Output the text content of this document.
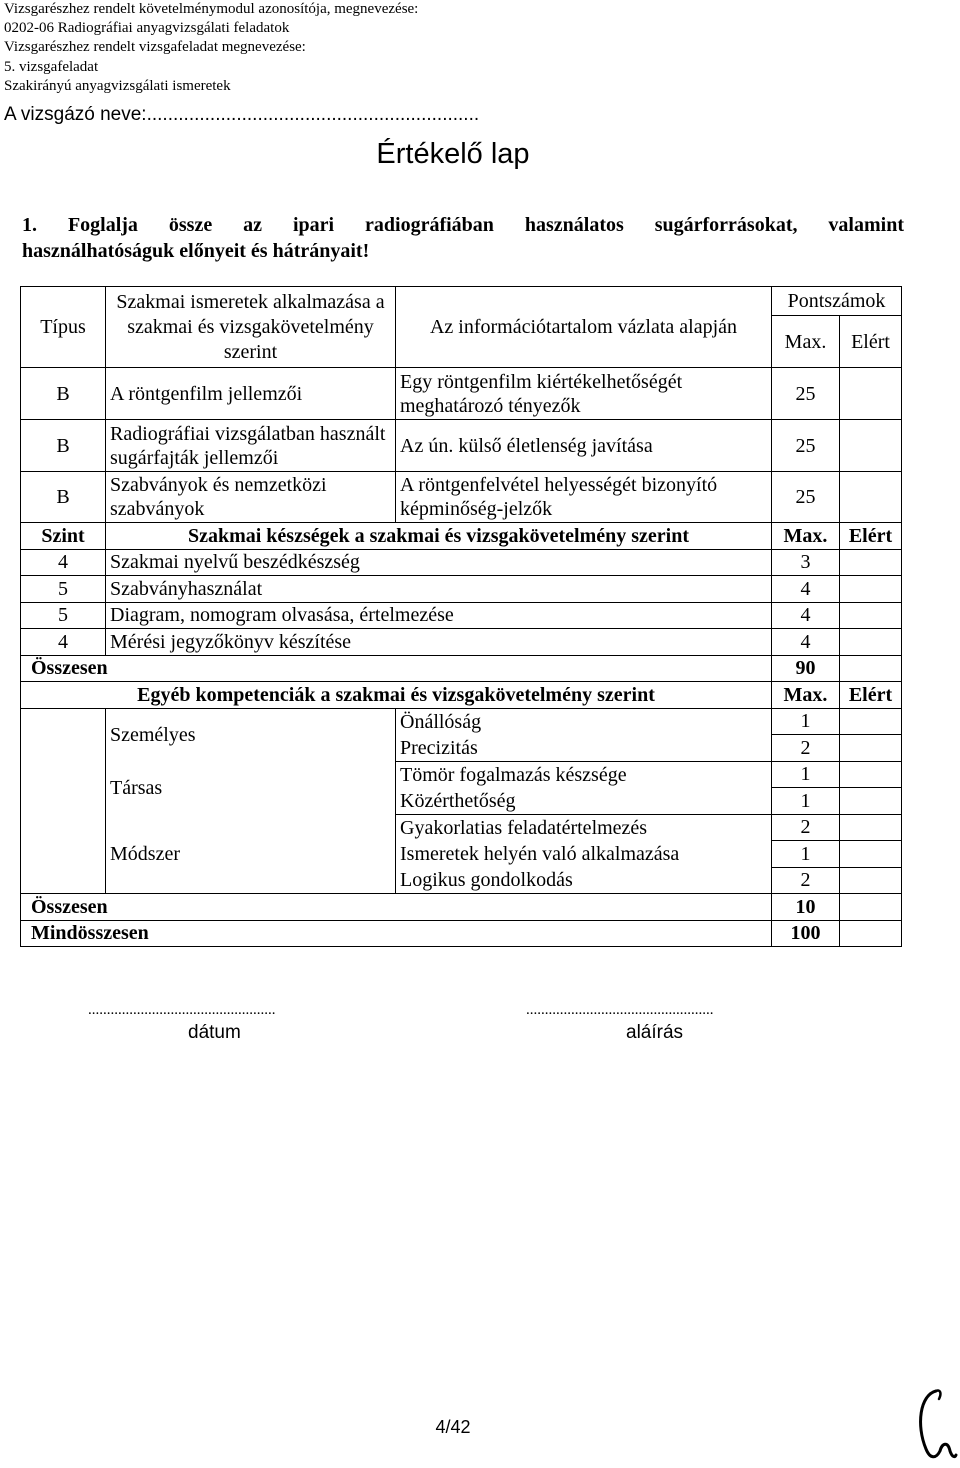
Vizsgarészhez rendelt követelménymodul azonosítója, megnevezése:
0202-06 Radiográfiai anyagvizsgálati feladatok
Vizsgarészhez rendelt vizsgafeladat megnevezése:
5. vizsgafeladat
Szakirányú anyagvizsgálati ismeretek
A vizsgázó neve:...............................................................
Értékelő lap
1. Foglalja össze az ipari radiográfiában használatos sugárforrásokat, valamint
használhatóságuk előnyeit és hátrányait!
Típus	Szakmai ismeretek alkalmazása a szakmai és vizsgakövetelmény szerint	Az információtartalom vázlata alapján	Pontszámok	
			Max.	Elért
B	A röntgenfilm jellemzői	Egy röntgenfilm kiértékelhetőségét meghatározó tényezők	25	
B	Radiográfiai vizsgálatban használt sugárfajták jellemzői	Az ún. külső életlenség javítása	25	
B	Szabványok és nemzetközi szabványok	A röntgenfelvétel helyességét bizonyító képminőség-jelzők	25	
Szint	Szakmai készségek a szakmai és vizsgakövetelmény szerint		Max.	Elért
4	Szakmai nyelvű beszédkészség		3	
5	Szabványhasználat		4	
5	Diagram, nomogram olvasása, értelmezése		4	
4	Mérési jegyzőkönyv készítése		4	
Összesen			90	
Egyéb kompetenciák a szakmai és vizsgakövetelmény szerint			Max.	Elért
	Személyes	Önállóság	1	
		Precizitás	2	
	Társas	Tömör fogalmazás készsége	1	
		Közérthetőség	1	
	Módszer	Gyakorlatias feladatértelmezés	2	
		Ismeretek helyén való alkalmazása	1	
		Logikus gondolkodás	2	
Összesen			10	
Mindösszesen			100	
..................................................
dátum
..................................................
aláírás
4/42
